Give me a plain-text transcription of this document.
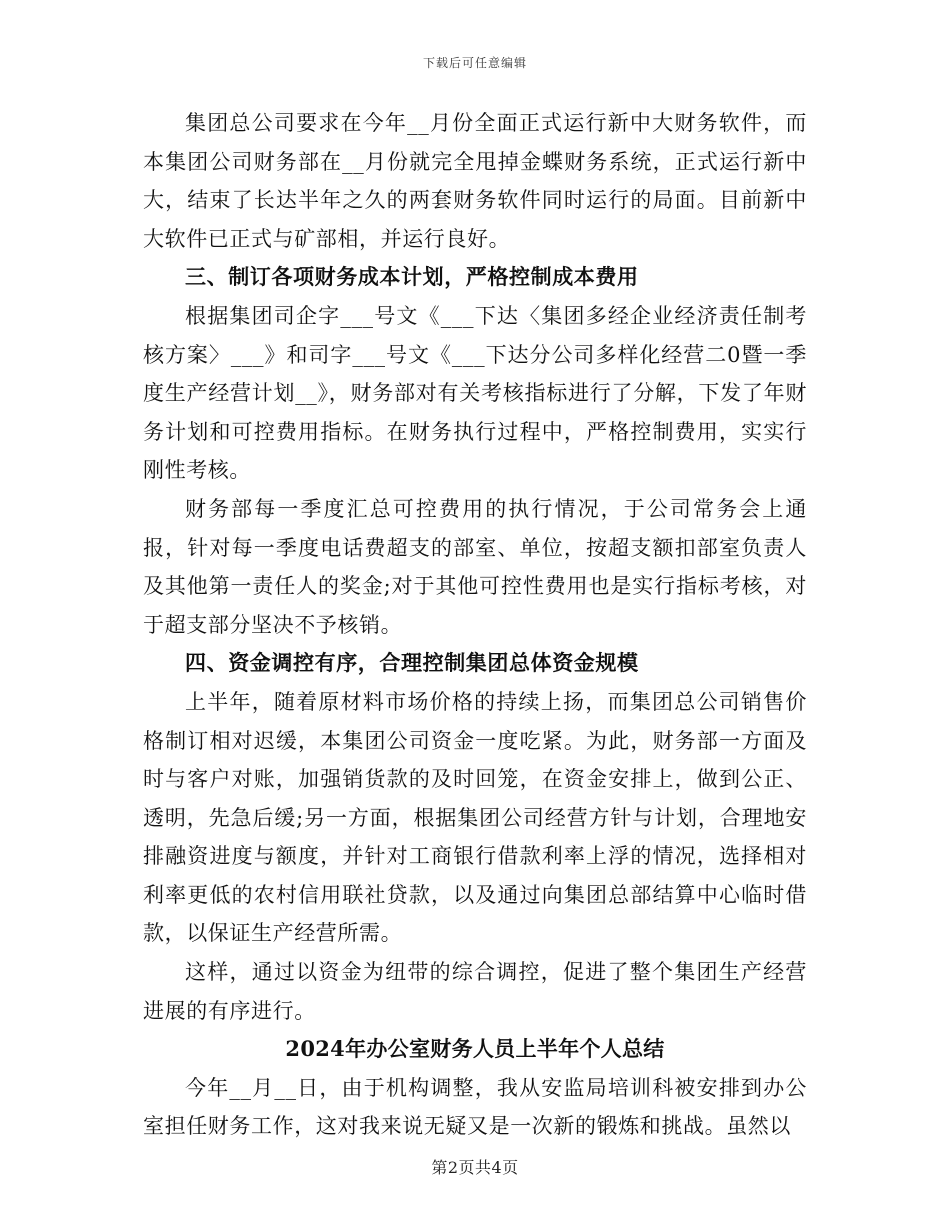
下载后可任意编辑

集团总公司要求在今年__月份全面正式运行新中大财务软件，而本集团公司财务部在__月份就完全甩掉金蝶财务系统，正式运行新中大，结束了长达半年之久的两套财务软件同时运行的局面。目前新中大软件已正式与矿部相，并运行良好。

三、制订各项财务成本计划，严格控制成本费用

根据集团司企字___号文《___下达〈集团多经企业经济责任制考核方案〉___》和司字___号文《___下达分公司多样化经营二0暨一季度生产经营计划__》，财务部对有关考核指标进行了分解，下发了年财务计划和可控费用指标。在财务执行过程中，严格控制费用，实实行刚性考核。

财务部每一季度汇总可控费用的执行情况，于公司常务会上通报，针对每一季度电话费超支的部室、单位，按超支额扣部室负责人及其他第一责任人的奖金;对于其他可控性费用也是实行指标考核，对于超支部分坚决不予核销。

四、资金调控有序，合理控制集团总体资金规模

上半年，随着原材料市场价格的持续上扬，而集团总公司销售价格制订相对迟缓，本集团公司资金一度吃紧。为此，财务部一方面及时与客户对账，加强销货款的及时回笼，在资金安排上，做到公正、透明，先急后缓;另一方面，根据集团公司经营方针与计划，合理地安排融资进度与额度，并针对工商银行借款利率上浮的情况，选择相对利率更低的农村信用联社贷款，以及通过向集团总部结算中心临时借款，以保证生产经营所需。

这样，通过以资金为纽带的综合调控，促进了整个集团生产经营进展的有序进行。

2024年办公室财务人员上半年个人总结

今年__月__日，由于机构调整，我从安监局培训科被安排到办公室担任财务工作，这对我来说无疑又是一次新的锻炼和挑战。虽然以

第2页共4页
